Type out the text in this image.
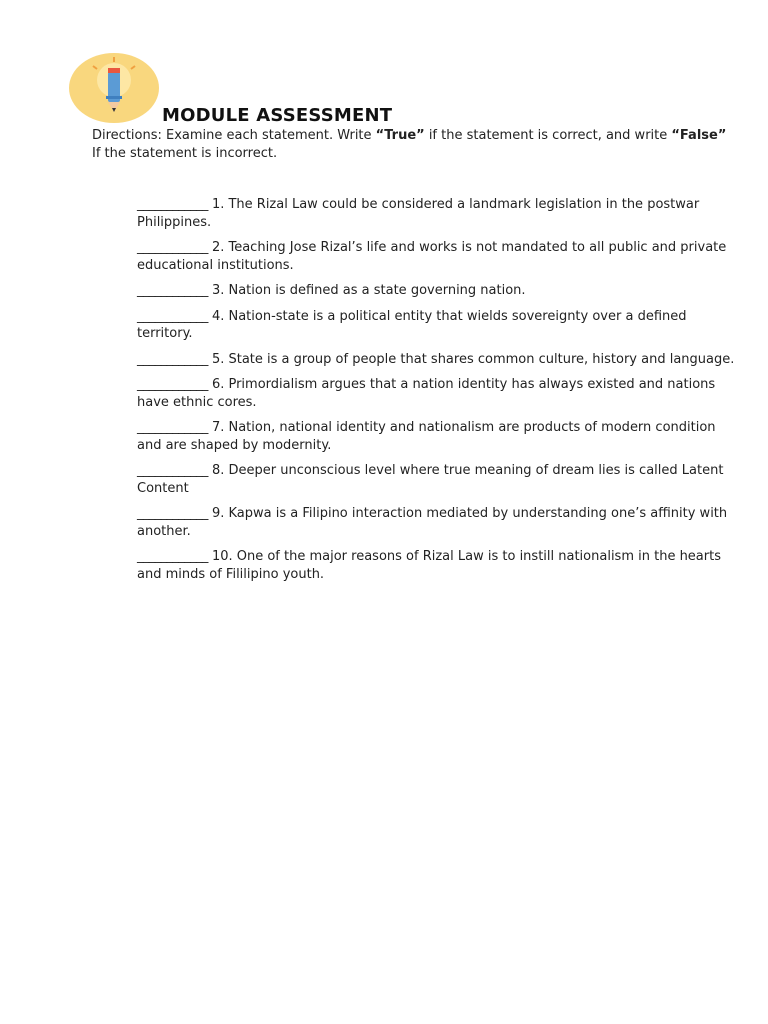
MODULE ASSESSMENT
Directions: Examine each statement. Write “True” if the statement is correct, and write “False” If the statement is incorrect.
____________ 1. The Rizal Law could be considered a landmark legislation in the postwar Philippines.
____________ 2. Teaching Jose Rizal’s life and works is not mandated to all public and private educational institutions.
____________ 3. Nation is defined as a state governing nation.
____________ 4. Nation-state is a political entity that wields sovereignty over a defined territory.
____________ 5. State is a group of people that shares common culture, history and language.
____________ 6. Primordialism argues that a nation identity has always existed and nations have ethnic cores.
____________ 7. Nation, national identity and nationalism are products of modern condition and are shaped by modernity.
____________ 8. Deeper unconscious level where true meaning of dream lies is called Latent Content
____________ 9. Kapwa is a Filipino interaction mediated by understanding one’s affinity with another.
____________ 10. One of the major reasons of Rizal Law is to instill nationalism in the hearts and minds of Fililipino youth.
